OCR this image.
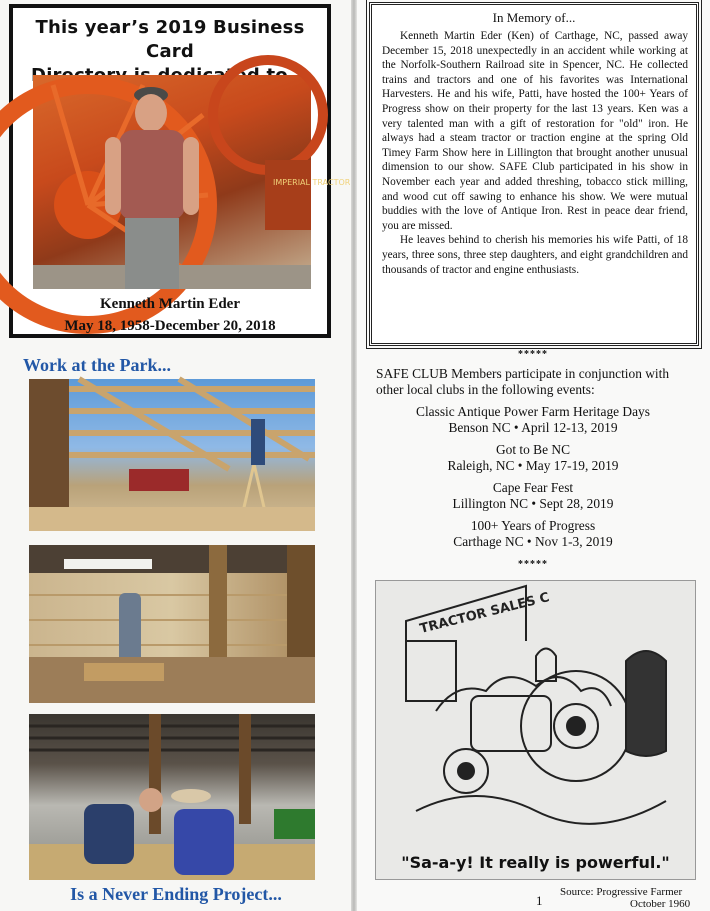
This year’s 2019 Business Card
IMPERIAL TRACTOR
Kenneth Martin Eder
May 18, 1958-December 20, 2018
Work at the Park...
Is a Never Ending Project...
In Memory of...

Kenneth Martin Eder (Ken) of Carthage, NC, passed away December 15, 2018 unexpectedly in an accident while working at the Norfolk-Southern Railroad site in Spencer, NC. He collected trains and tractors and one of his favorites was International Harvesters. He and his wife, Patti, have hosted the 100+ Years of Progress show on their property for the last 13 years. Ken was a very talented man with a gift of restoration for "old" iron. He always had a steam tractor or traction engine at the spring Old Timey Farm Show here in Lillington that brought another unusual dimension to our show. SAFE Club participated in his show in November each year and added threshing, tobacco stick milling, and wood cut off sawing to enhance his show. We were mutual buddies with the love of Antique Iron. Rest in peace dear friend, you are missed.

He leaves behind to cherish his memories his wife Patti, of 18 years, three sons, three step daughters, and eight grandchildren and thousands of tractor and engine enthusiasts.

*****
SAFE CLUB Members participate in conjunction with other local clubs in the following events:
Classic Antique Power Farm Heritage Days
Benson NC • April 12-13, 2019
Got to Be NC
Raleigh, NC • May 17-19, 2019
Cape Fear Fest
Lillington NC • Sept 28, 2019
100+ Years of Progress
Carthage NC • Nov 1-3, 2019
*****
TRACTOR SALES C
"Sa-a-y! It really is powerful."
1
Source: Progressive Farmer
October 1960
